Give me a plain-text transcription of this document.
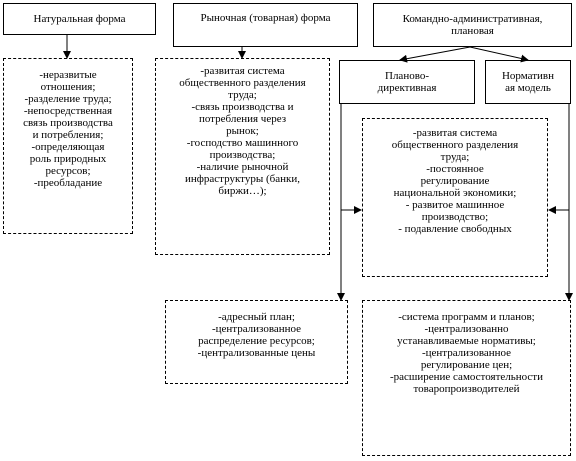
Натуральная форма	Рыночная (товарная) форма	Командно-административная,
плановая
Планово-
директивная
Нормативн
ая модель
-неразвитые
отношения;
-разделение труда;
-непосредственная
связь производства
и потребления;
-определяющая
роль природных
ресурсов;
-преобладание
-развитая система
общественного разделения
труда;
-связь производства и
потребления через
рынок;
-господство машинного
производства;
-наличие рыночной
инфраструктуры (банки,
биржи…);
-развитая система
общественного разделения
труда;
-постоянное
регулирование
национальной экономики;
- развитое машинное
производство;
- подавление свободных
-адресный план;
-централизованное
распределение ресурсов;
-централизованные цены
-система программ и планов;
-централизованно
устанавливаемые нормативы;
-централизованное
регулирование цен;
-расширение самостоятельности
товаропроизводителей
